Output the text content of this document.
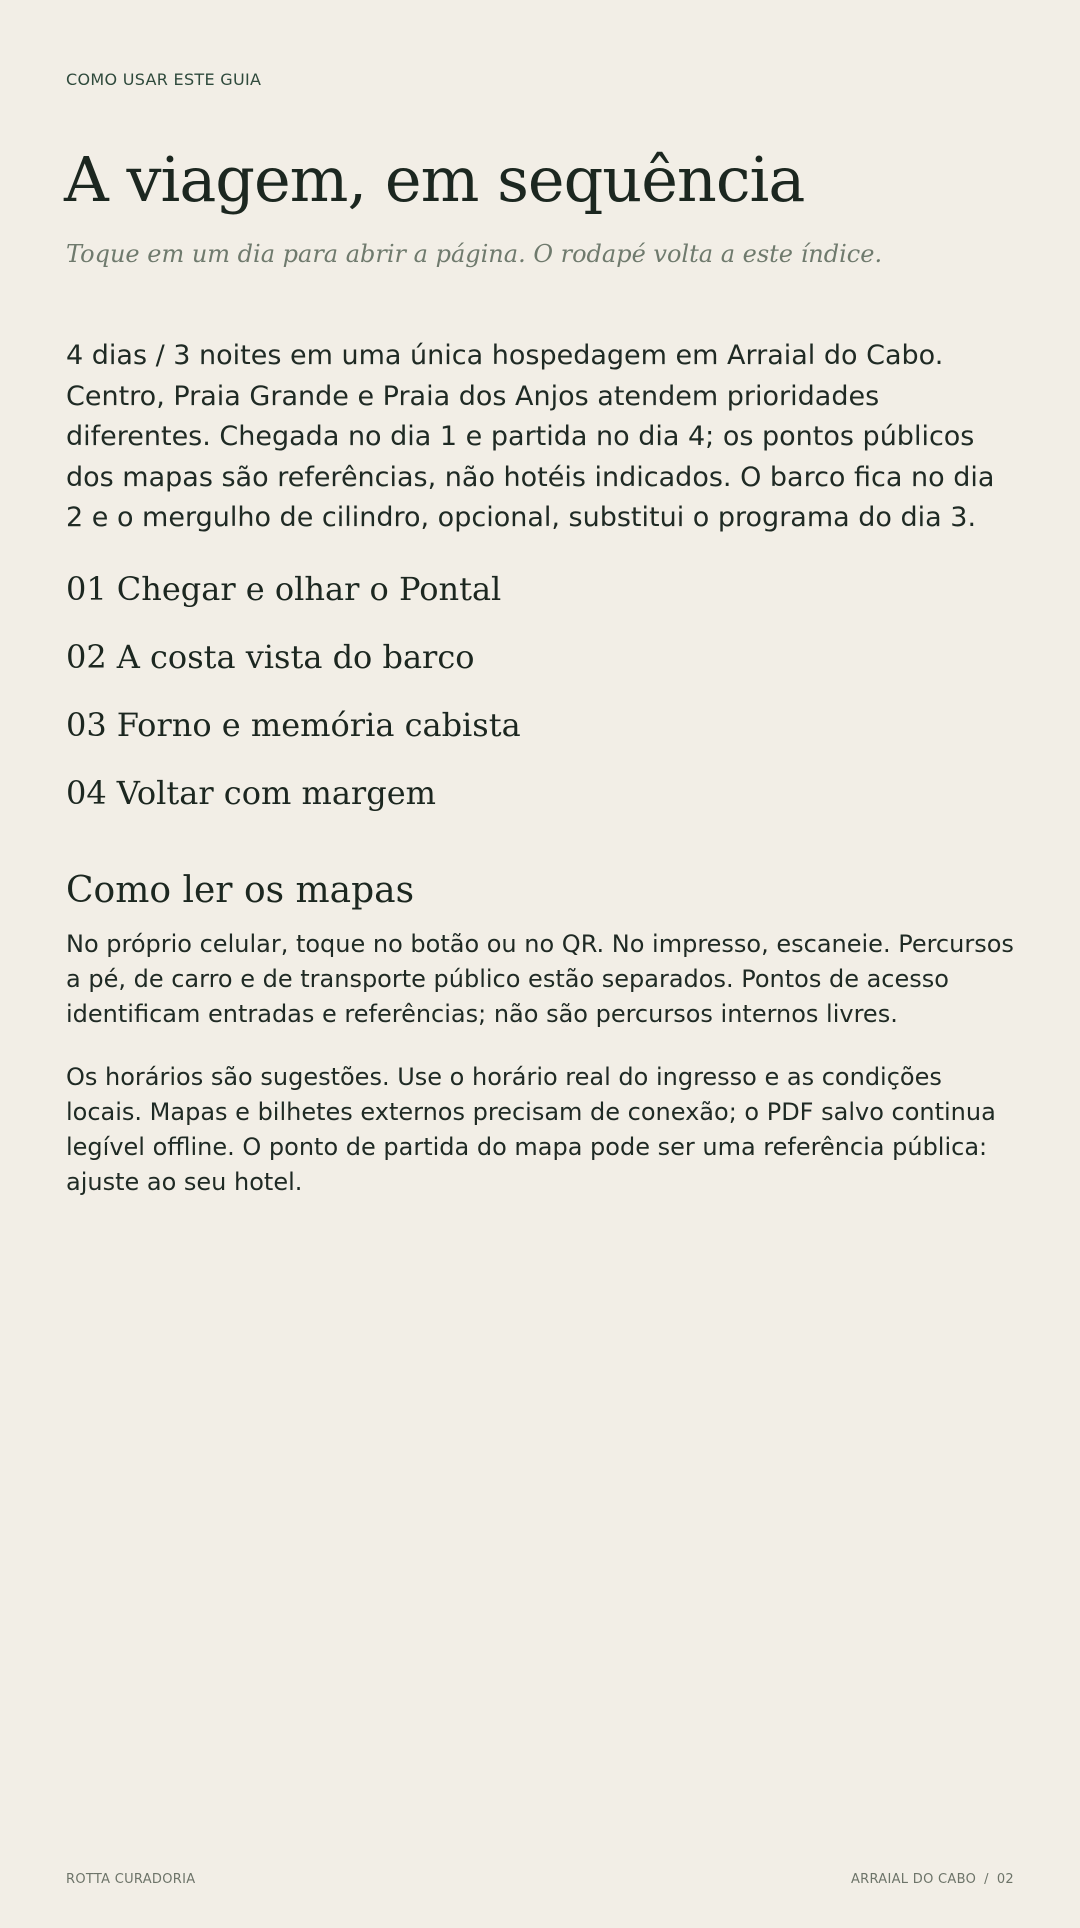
COMO USAR ESTE GUIA

A viagem, em sequência

Toque em um dia para abrir a página. O rodapé volta a este índice.

4 dias / 3 noites em uma única hospedagem em Arraial do Cabo. Centro, Praia Grande e Praia dos Anjos atendem prioridades diferentes. Chegada no dia 1 e partida no dia 4; os pontos públicos dos mapas são referências, não hotéis indicados. O barco fica no dia 2 e o mergulho de cilindro, opcional, substitui o programa do dia 3.

01 Chegar e olhar o Pontal
02 A costa vista do barco
03 Forno e memória cabista
04 Voltar com margem
Como ler os mapas

No próprio celular, toque no botão ou no QR. No impresso, escaneie. Percursos a pé, de carro e de transporte público estão separados. Pontos de acesso identificam entradas e referências; não são percursos internos livres.

Os horários são sugestões. Use o horário real do ingresso e as condições locais. Mapas e bilhetes externos precisam de conexão; o PDF salvo continua legível offline. O ponto de partida do mapa pode ser uma referência pública: ajuste ao seu hotel.

ROTTA CURADORIA	ARRAIAL DO CABO / 02
